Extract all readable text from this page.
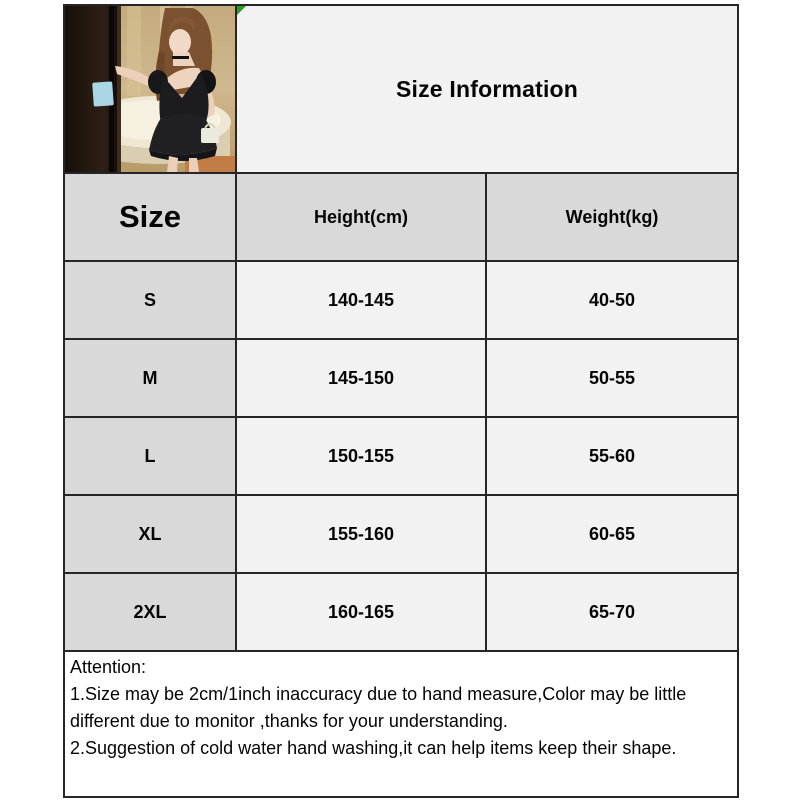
Size Information	
Size	Height(cm)	Weight(kg)
S	140-145	40-50
M	145-150	50-55
L	150-155	55-60
XL	155-160	60-65
2XL	160-165	65-70

Attention:
1.Size may be 2cm/1inch inaccuracy due to hand measure,Color may be little different due to monitor ,thanks for your understanding.
2.Suggestion of cold water hand washing,it can help items keep their shape.		
